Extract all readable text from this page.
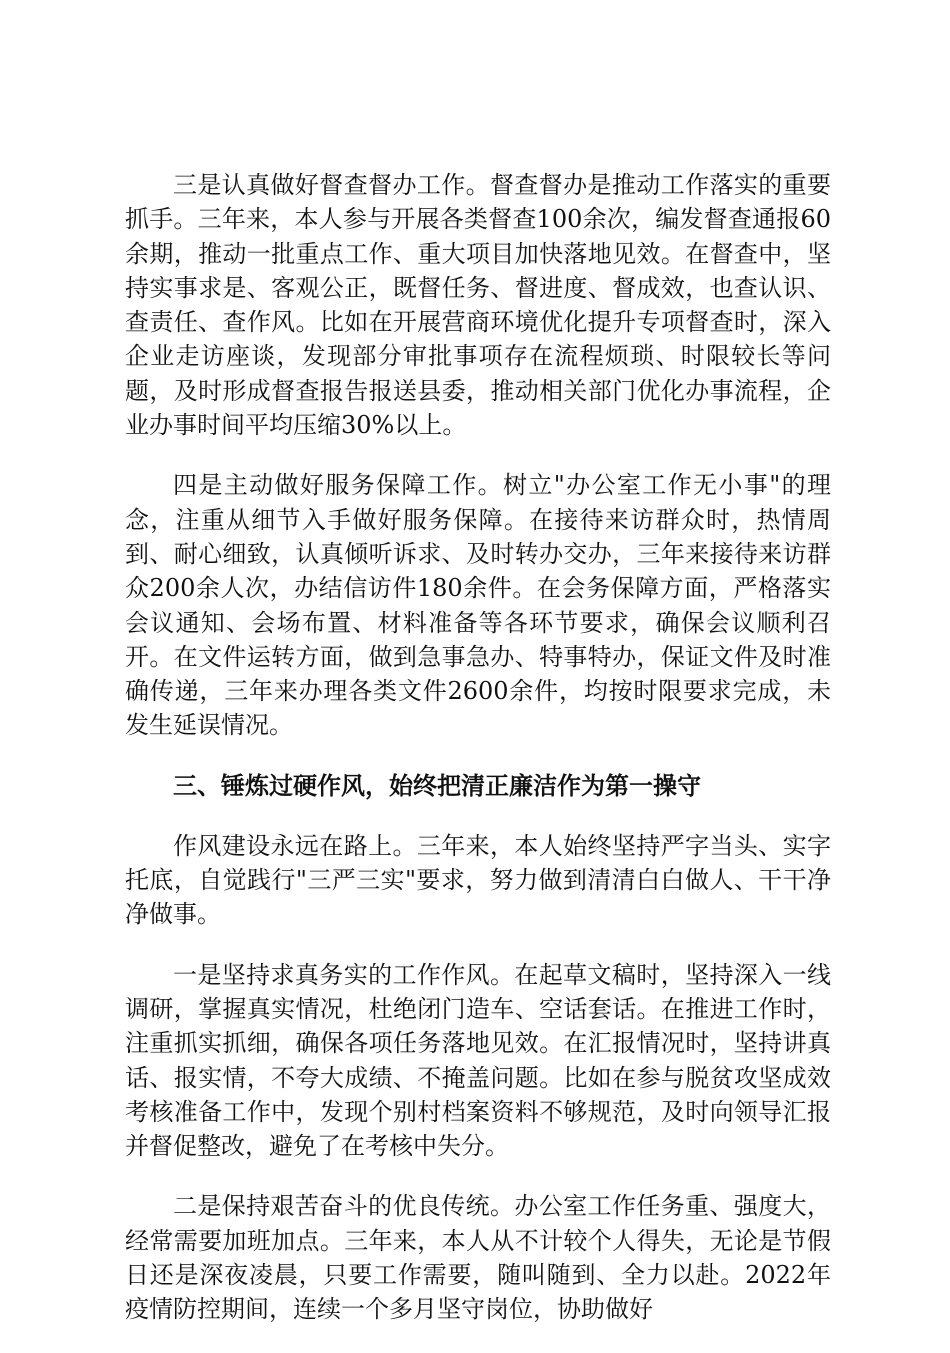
三是认真做好督查督办工作。督查督办是推动工作落实的重要抓手。三年来，本人参与开展各类督查100余次，编发督查通报60余期，推动一批重点工作、重大项目加快落地见效。在督查中，坚持实事求是、客观公正，既督任务、督进度、督成效，也查认识、查责任、查作风。比如在开展营商环境优化提升专项督查时，深入企业走访座谈，发现部分审批事项存在流程烦琐、时限较长等问题，及时形成督查报告报送县委，推动相关部门优化办事流程，企业办事时间平均压缩30%以上。

四是主动做好服务保障工作。树立"办公室工作无小事"的理念，注重从细节入手做好服务保障。在接待来访群众时，热情周到、耐心细致，认真倾听诉求、及时转办交办，三年来接待来访群众200余人次，办结信访件180余件。在会务保障方面，严格落实会议通知、会场布置、材料准备等各环节要求，确保会议顺利召开。在文件运转方面，做到急事急办、特事特办，保证文件及时准确传递，三年来办理各类文件2600余件，均按时限要求完成，未发生延误情况。

三、锤炼过硬作风，始终把清正廉洁作为第一操守

作风建设永远在路上。三年来，本人始终坚持严字当头、实字托底，自觉践行"三严三实"要求，努力做到清清白白做人、干干净净做事。

一是坚持求真务实的工作作风。在起草文稿时，坚持深入一线调研，掌握真实情况，杜绝闭门造车、空话套话。在推进工作时，注重抓实抓细，确保各项任务落地见效。在汇报情况时，坚持讲真话、报实情，不夸大成绩、不掩盖问题。比如在参与脱贫攻坚成效考核准备工作中，发现个别村档案资料不够规范，及时向领导汇报并督促整改，避免了在考核中失分。

二是保持艰苦奋斗的优良传统。办公室工作任务重、强度大，经常需要加班加点。三年来，本人从不计较个人得失，无论是节假日还是深夜凌晨，只要工作需要，随叫随到、全力以赴。2022年疫情防控期间，连续一个多月坚守岗位，协助做好
